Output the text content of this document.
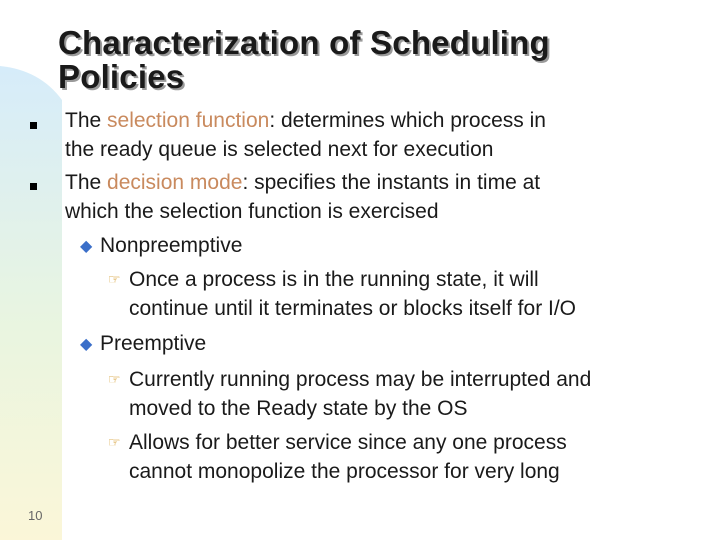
Characterization of Scheduling
Policies
The selection function: determines which process in
the ready queue is selected next for execution
The decision mode: specifies the instants in time at
which the selection function is exercised
◆ Nonpreemptive
☞ Once a process is in the running state, it will
continue until it terminates or blocks itself for I/O
◆ Preemptive
☞ Currently running process may be interrupted and
moved to the Ready state by the OS
☞ Allows for better service since any one process
cannot monopolize the processor for very long
10
